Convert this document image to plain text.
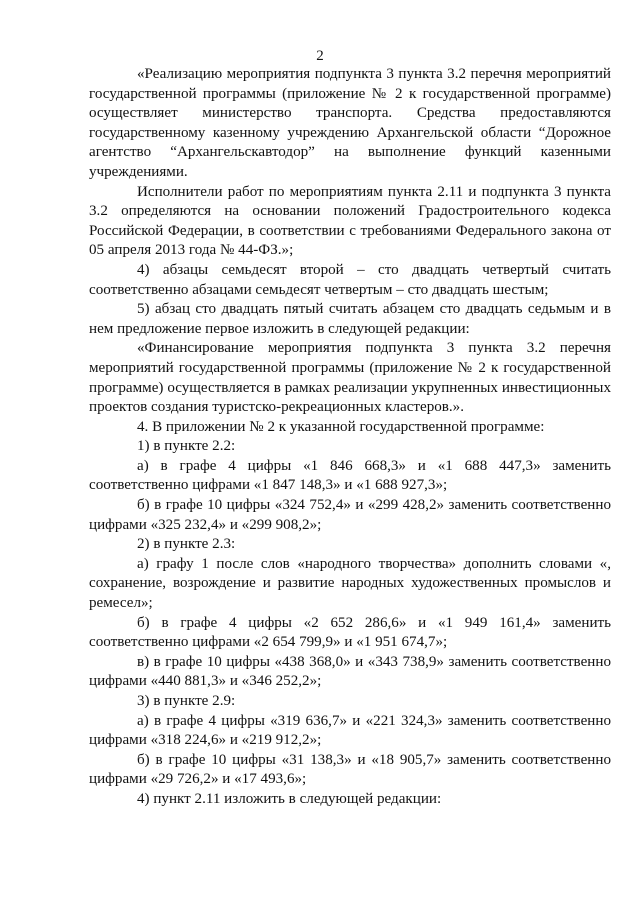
2

«Реализацию мероприятия подпункта 3 пункта 3.2 перечня мероприятий государственной программы (приложение № 2 к государственной программе) осуществляет министерство транспорта. Средства предоставляются государственному казенному учреждению Архангельской области “Дорожное агентство “Архангельскавтодор” на выполнение функций казенными учреждениями.

Исполнители работ по мероприятиям пункта 2.11 и подпункта 3 пункта 3.2 определяются на основании положений Градостроительного кодекса Российской Федерации, в соответствии с требованиями Федерального закона от 05 апреля 2013 года № 44-ФЗ.»;

4) абзацы семьдесят второй – сто двадцать четвертый считать соответственно абзацами семьдесят четвертым – сто двадцать шестым;

5) абзац сто двадцать пятый считать абзацем сто двадцать седьмым и в нем предложение первое изложить в следующей редакции:

«Финансирование мероприятия подпункта 3 пункта 3.2 перечня мероприятий государственной программы (приложение № 2 к государственной программе) осуществляется в рамках реализации укрупненных инвестиционных проектов создания туристско-рекреационных кластеров.».

4. В приложении № 2 к указанной государственной программе:

1) в пункте 2.2:

а) в графе 4 цифры «1 846 668,3» и «1 688 447,3» заменить соответственно цифрами «1 847 148,3» и «1 688 927,3»;

б) в графе 10 цифры «324 752,4» и «299 428,2» заменить соответственно цифрами «325 232,4» и «299 908,2»;

2) в пункте 2.3:

а) графу 1 после слов «народного творчества» дополнить словами «, сохранение, возрождение и развитие народных художественных промыслов и ремесел»;

б) в графе 4 цифры «2 652 286,6» и «1 949 161,4» заменить соответственно цифрами «2 654 799,9» и «1 951 674,7»;

в) в графе 10 цифры «438 368,0» и «343 738,9» заменить соответственно цифрами «440 881,3» и «346 252,2»;

3) в пункте 2.9:

а) в графе 4 цифры «319 636,7» и «221 324,3» заменить соответственно цифрами «318 224,6» и «219 912,2»;

б) в графе 10 цифры «31 138,3» и «18 905,7» заменить соответственно цифрами «29 726,2» и «17 493,6»;

4) пункт 2.11 изложить в следующей редакции:
